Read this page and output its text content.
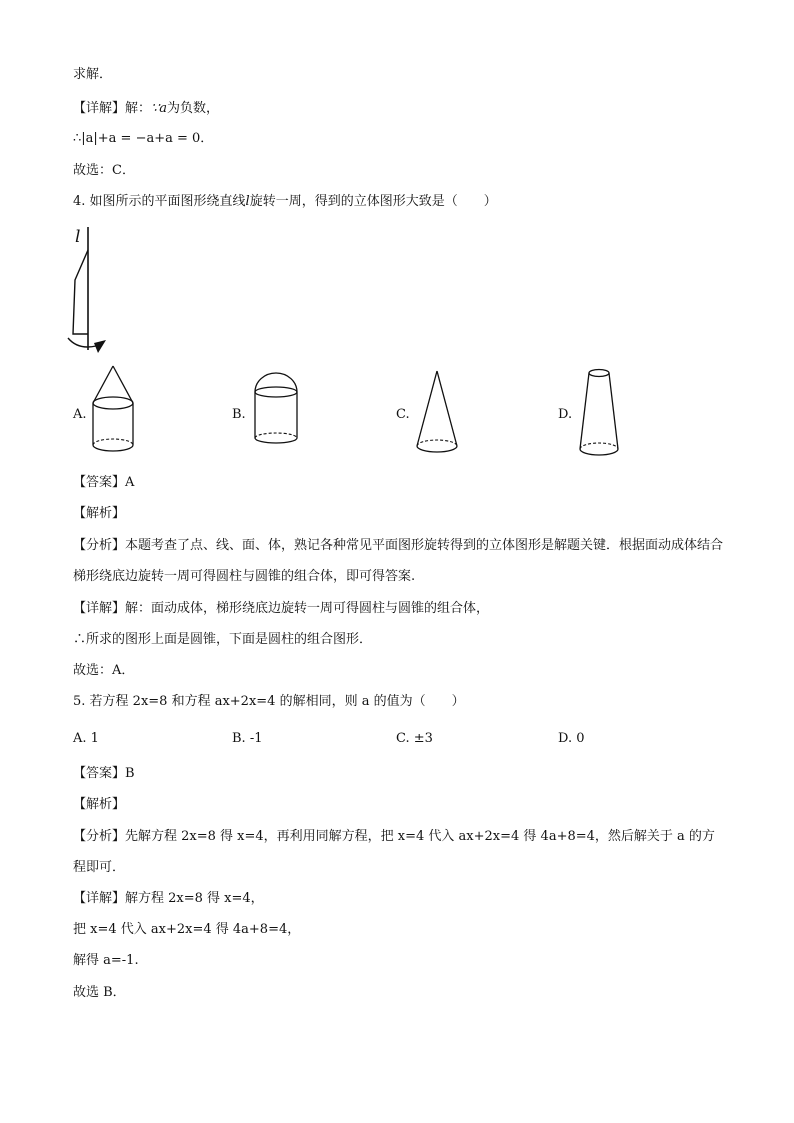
求解．
【详解】解：∵a为负数，
∴|a|+a = −a+a = 0．
故选：C．
4. 如图所示的平面图形绕直线l旋转一周，得到的立体图形大致是（　　）
l
A.	B.	C.	D.
【答案】A
【解析】
【分析】本题考查了点、线、面、体，熟记各种常见平面图形旋转得到的立体图形是解题关键．根据面动成体结合梯形绕底边旋转一周可得圆柱与圆锥的组合体，即可得答案.
【详解】解：面动成体，梯形绕底边旋转一周可得圆柱与圆锥的组合体，
∴所求的图形上面是圆锥，下面是圆柱的组合图形．
故选：A．
5. 若方程 2x=8 和方程 ax+2x=4 的解相同，则 a 的值为（　　）
A. 1	B. -1	C. ±3	D. 0
【答案】B
【解析】
【分析】先解方程 2x=8 得 x=4，再利用同解方程，把 x=4 代入 ax+2x=4 得 4a+8=4，然后解关于 a 的方程即可．
【详解】解方程 2x=8 得 x=4，
把 x=4 代入 ax+2x=4 得 4a+8=4，
解得 a=-1.
故选 B．
